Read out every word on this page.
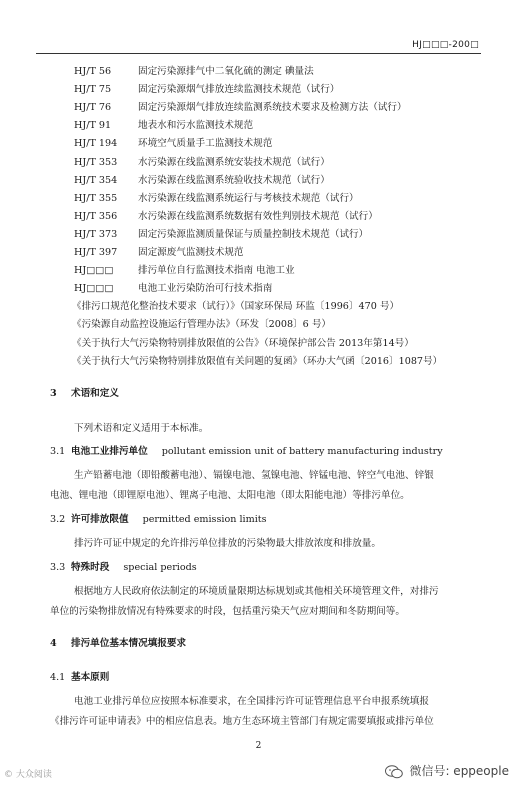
HJ□□□-200□
HJ/T 56	固定污染源排气中二氧化硫的测定 碘量法
HJ/T 75	固定污染源烟气排放连续监测技术规范（试行）
HJ/T 76	固定污染源烟气排放连续监测系统技术要求及检测方法（试行）
HJ/T 91	地表水和污水监测技术规范
HJ/T 194 环境空气质量手工监测技术规范
HJ/T 353 水污染源在线监测系统安装技术规范（试行）
HJ/T 354 水污染源在线监测系统验收技术规范（试行）
HJ/T 355 水污染源在线监测系统运行与考核技术规范（试行）
HJ/T 356 水污染源在线监测系统数据有效性判别技术规范（试行）
HJ/T 373 固定污染源监测质量保证与质量控制技术规范（试行）
HJ/T 397 固定源废气监测技术规范
HJ□□□	排污单位自行监测技术指南 电池工业
HJ□□□	电池工业污染防治可行技术指南
《排污口规范化整治技术要求（试行）》（国家环保局 环监〔1996〕470 号）
《污染源自动监控设施运行管理办法》（环发〔2008〕6 号）
《关于执行大气污染物特别排放限值的公告》（环境保护部公告 2013年第14号）
《关于执行大气污染物特别排放限值有关问题的复函》（环办大气函〔2016〕1087号）
3 术语和定义
下列术语和定义适用于本标准。
3.1 电池工业排污单位 pollutant emission unit of battery manufacturing industry
生产铅蓄电池（即铅酸蓄电池）、镉镍电池、氢镍电池、锌锰电池、锌空气电池、锌银
电池、锂电池（即锂原电池）、锂离子电池、太阳电池（即太阳能电池）等排污单位。
3.2 许可排放限值 permitted emission limits
排污许可证中规定的允许排污单位排放的污染物最大排放浓度和排放量。
3.3 特殊时段 special periods
根据地方人民政府依法制定的环境质量限期达标规划或其他相关环境管理文件，对排污
单位的污染物排放情况有特殊要求的时段，包括重污染天气应对期间和冬防期间等。
4 排污单位基本情况填报要求
4.1 基本原则
电池工业排污单位应按照本标准要求，在全国排污许可证管理信息平台申报系统填报
《排污许可证申请表》中的相应信息表。地方生态环境主管部门有规定需要填报或排污单位
2
© 大众阅读	微信号: eppeople
